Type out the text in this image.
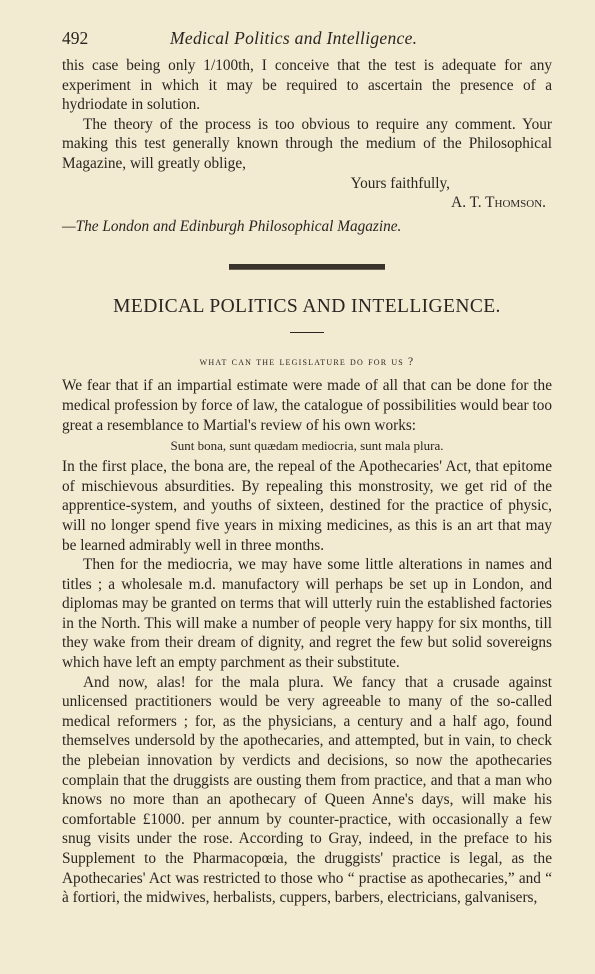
492	Medical Politics and Intelligence.

this case being only 1/100th, I conceive that the test is adequate for any experiment in which it may be required to ascertain the presence of a hydriodate in solution.

The theory of the process is too obvious to require any comment. Your making this test generally known through the medium of the Philosophical Magazine, will greatly oblige,

Yours faithfully,
A. T. Thomson.
—The London and Edinburgh Philosophical Magazine.
MEDICAL POLITICS AND INTELLIGENCE.
what can the legislature do for us ?

We fear that if an impartial estimate were made of all that can be done for the medical profession by force of law, the catalogue of possibilities would bear too great a resemblance to Martial's review of his own works:

Sunt bona, sunt quædam mediocria, sunt mala plura.

In the first place, the bona are, the repeal of the Apothecaries' Act, that epitome of mischievous absurdities. By repealing this monstrosity, we get rid of the apprentice-system, and youths of sixteen, destined for the practice of physic, will no longer spend five years in mixing medicines, as this is an art that may be learned admirably well in three months.

Then for the mediocria, we may have some little alterations in names and titles ; a wholesale m.d. manufactory will perhaps be set up in London, and diplomas may be granted on terms that will utterly ruin the established factories in the North. This will make a number of people very happy for six months, till they wake from their dream of dignity, and regret the few but solid sovereigns which have left an empty parchment as their substitute.

And now, alas! for the mala plura. We fancy that a crusade against unlicensed practitioners would be very agreeable to many of the so-called medical reformers ; for, as the physicians, a century and a half ago, found themselves undersold by the apothecaries, and attempted, but in vain, to check the plebeian innovation by verdicts and decisions, so now the apothecaries complain that the druggists are ousting them from practice, and that a man who knows no more than an apothecary of Queen Anne's days, will make his comfortable £1000. per annum by counter-practice, with occasionally a few snug visits under the rose. According to Gray, indeed, in the preface to his Supplement to the Pharmacopœia, the druggists' practice is legal, as the Apothecaries' Act was restricted to those who “ practise as apothecaries,” and “ à fortiori, the midwives, herbalists, cuppers, barbers, electricians, galvanisers,
